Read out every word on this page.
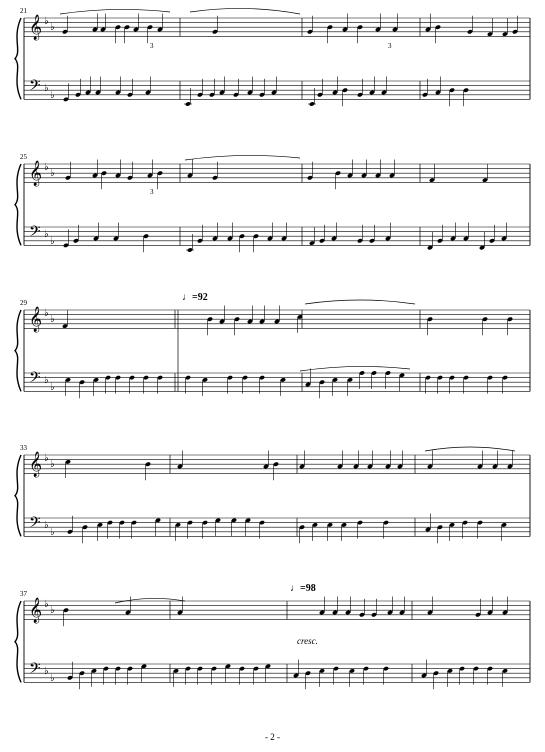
𝄞
𝄢
♭
♭
♭
♭
21
3	3
𝄞
𝄢
♭
♭
♭
♭
25
3
𝄞
𝄢
♭
♭
♭
♭
29	♩=92
𝄞
𝄢
♭
♭
♭
♭
33
𝄞
𝄢
♭
♭
♭
♭
37	♩=98
cresc.
- 2 -
